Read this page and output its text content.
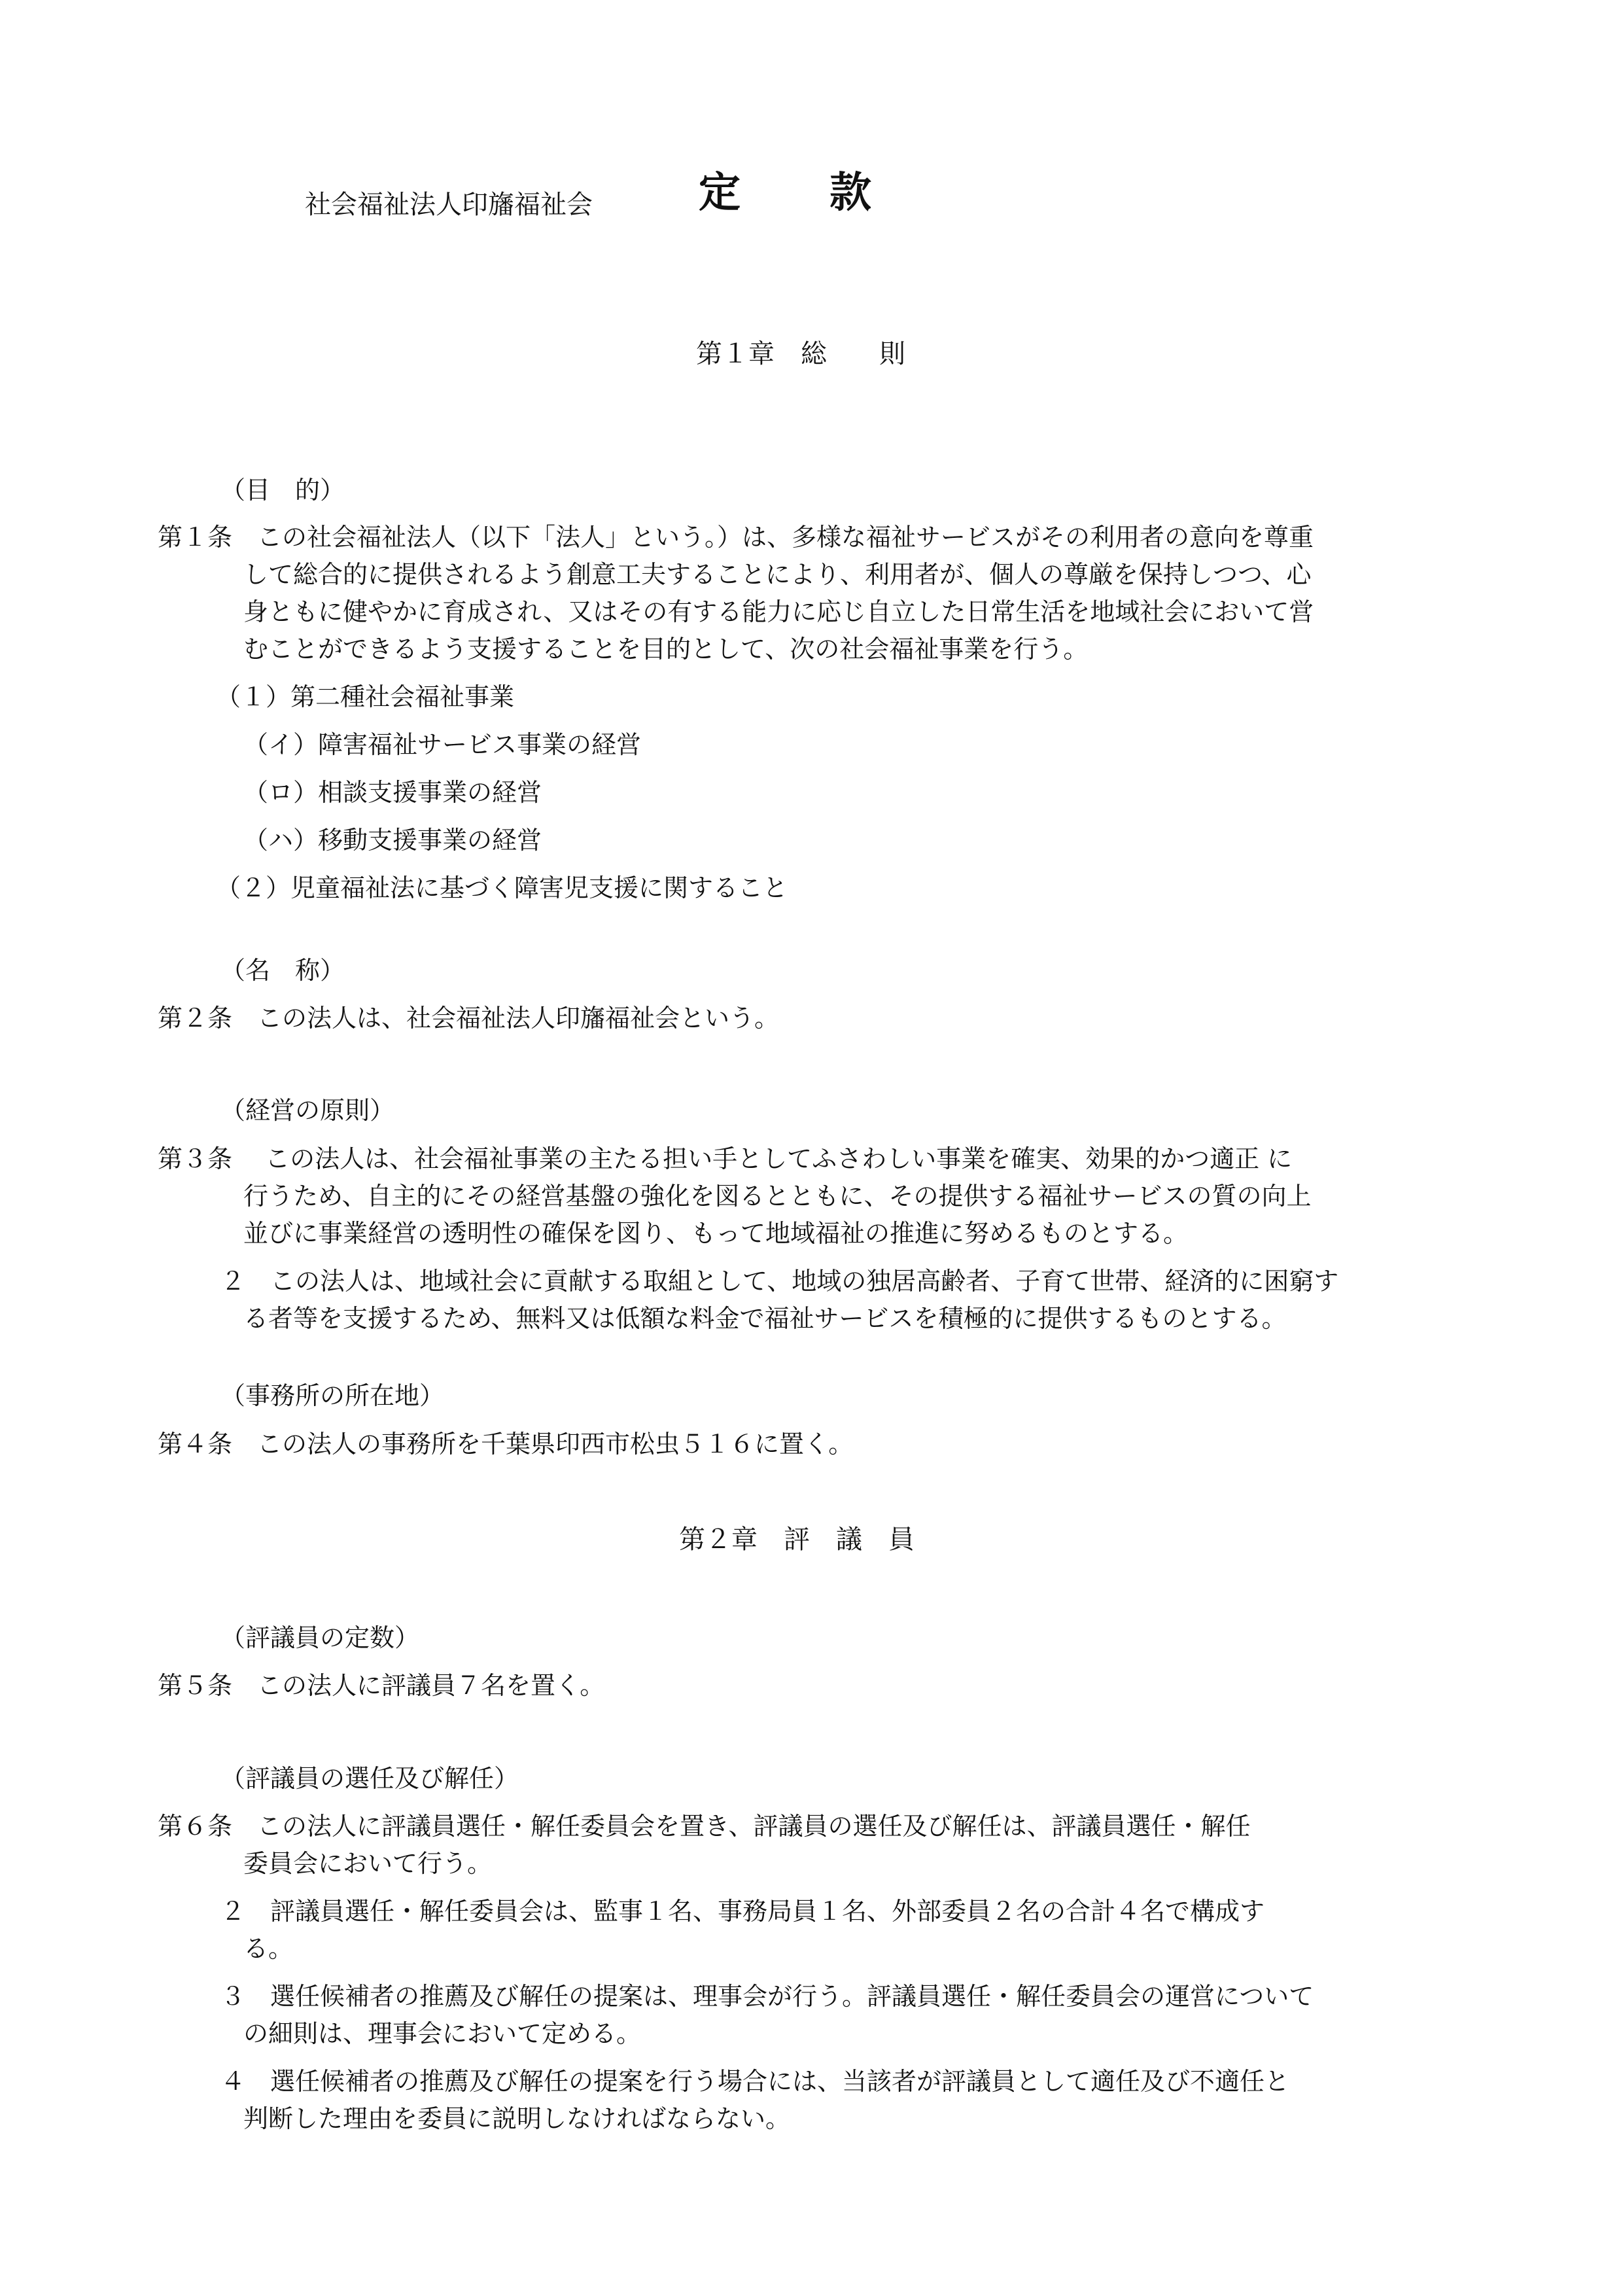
社会福祉法人印旛福祉会	定 款
第１章　総　　則
（目　的）
第１条　この社会福祉法人（以下「法人」という。）は、多様な福祉サービスがその利用者の意向を尊重
して総合的に提供されるよう創意工夫することにより、利用者が、個人の尊厳を保持しつつ、心
身ともに健やかに育成され、又はその有する能力に応じ自立した日常生活を地域社会において営
むことができるよう支援することを目的として、次の社会福祉事業を行う。
（１）第二種社会福祉事業
（イ）障害福祉サービス事業の経営
（ロ）相談支援事業の経営
（ハ）移動支援事業の経営
（２）児童福祉法に基づく障害児支援に関すること
（名　称）
第２条　この法人は、社会福祉法人印旛福祉会という。
（経営の原則）
第３条　 この法人は、社会福祉事業の主たる担い手としてふさわしい事業を確実、効果的かつ適正 に
行うため、自主的にその経営基盤の強化を図るとともに、その提供する福祉サービスの質の向上
並びに事業経営の透明性の確保を図り、もって地域福祉の推進に努めるものとする。
２　この法人は、地域社会に貢献する取組として、地域の独居高齢者、子育て世帯、経済的に困窮す
る者等を支援するため、無料又は低額な料金で福祉サービスを積極的に提供するものとする。
（事務所の所在地）
第４条　この法人の事務所を千葉県印西市松虫５１６に置く。
第２章　評　議　員
（評議員の定数）
第５条　この法人に評議員７名を置く。
（評議員の選任及び解任）
第６条　この法人に評議員選任・解任委員会を置き、評議員の選任及び解任は、評議員選任・解任
委員会において行う。
２　評議員選任・解任委員会は、監事１名、事務局員１名、外部委員２名の合計４名で構成す
る。
３　選任候補者の推薦及び解任の提案は、理事会が行う。評議員選任・解任委員会の運営について
の細則は、理事会において定める。
４　選任候補者の推薦及び解任の提案を行う場合には、当該者が評議員として適任及び不適任と
判断した理由を委員に説明しなければならない。
